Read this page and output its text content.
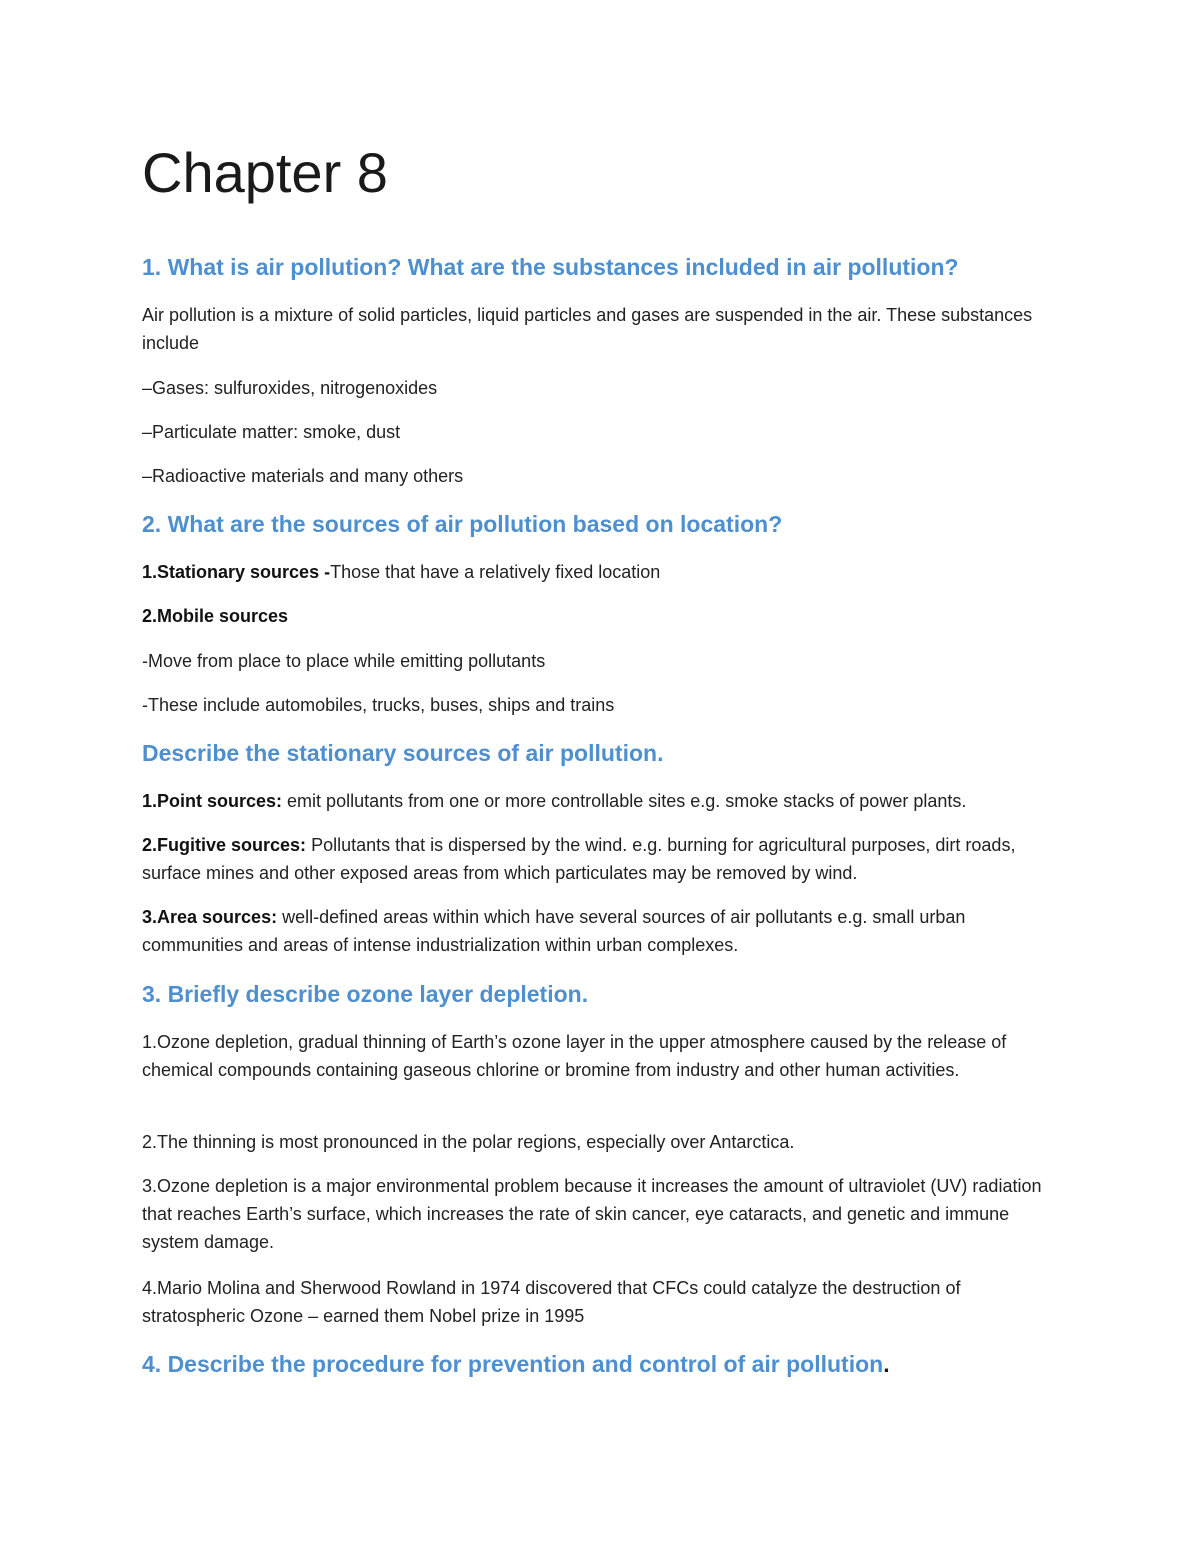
Chapter 8
1. What is air pollution? What are the substances included in air pollution?

Air pollution is a mixture of solid particles, liquid particles and gases are suspended in the air. These substances include

–Gases: sulfuroxides, nitrogenoxides

–Particulate matter: smoke, dust

–Radioactive materials and many others

2. What are the sources of air pollution based on location?

1.Stationary sources -Those that have a relatively fixed location

2.Mobile sources

-Move from place to place while emitting pollutants

-These include automobiles, trucks, buses, ships and trains

Describe the stationary sources of air pollution.

1.Point sources: emit pollutants from one or more controllable sites e.g. smoke stacks of power plants.

2.Fugitive sources: Pollutants that is dispersed by the wind. e.g. burning for agricultural purposes, dirt roads, surface mines and other exposed areas from which particulates may be removed by wind.

3.Area sources: well-defined areas within which have several sources of air pollutants e.g. small urban communities and areas of intense industrialization within urban complexes.

3. Briefly describe ozone layer depletion.

1.Ozone depletion, gradual thinning of Earth’s ozone layer in the upper atmosphere caused by the release of chemical compounds containing gaseous chlorine or bromine from industry and other human activities.

2.The thinning is most pronounced in the polar regions, especially over Antarctica.

3.Ozone depletion is a major environmental problem because it increases the amount of ultraviolet (UV) radiation that reaches Earth’s surface, which increases the rate of skin cancer, eye cataracts, and genetic and immune system damage.

4.Mario Molina and Sherwood Rowland in 1974 discovered that CFCs could catalyze the destruction of stratospheric Ozone – earned them Nobel prize in 1995

4. Describe the procedure for prevention and control of air pollution.
